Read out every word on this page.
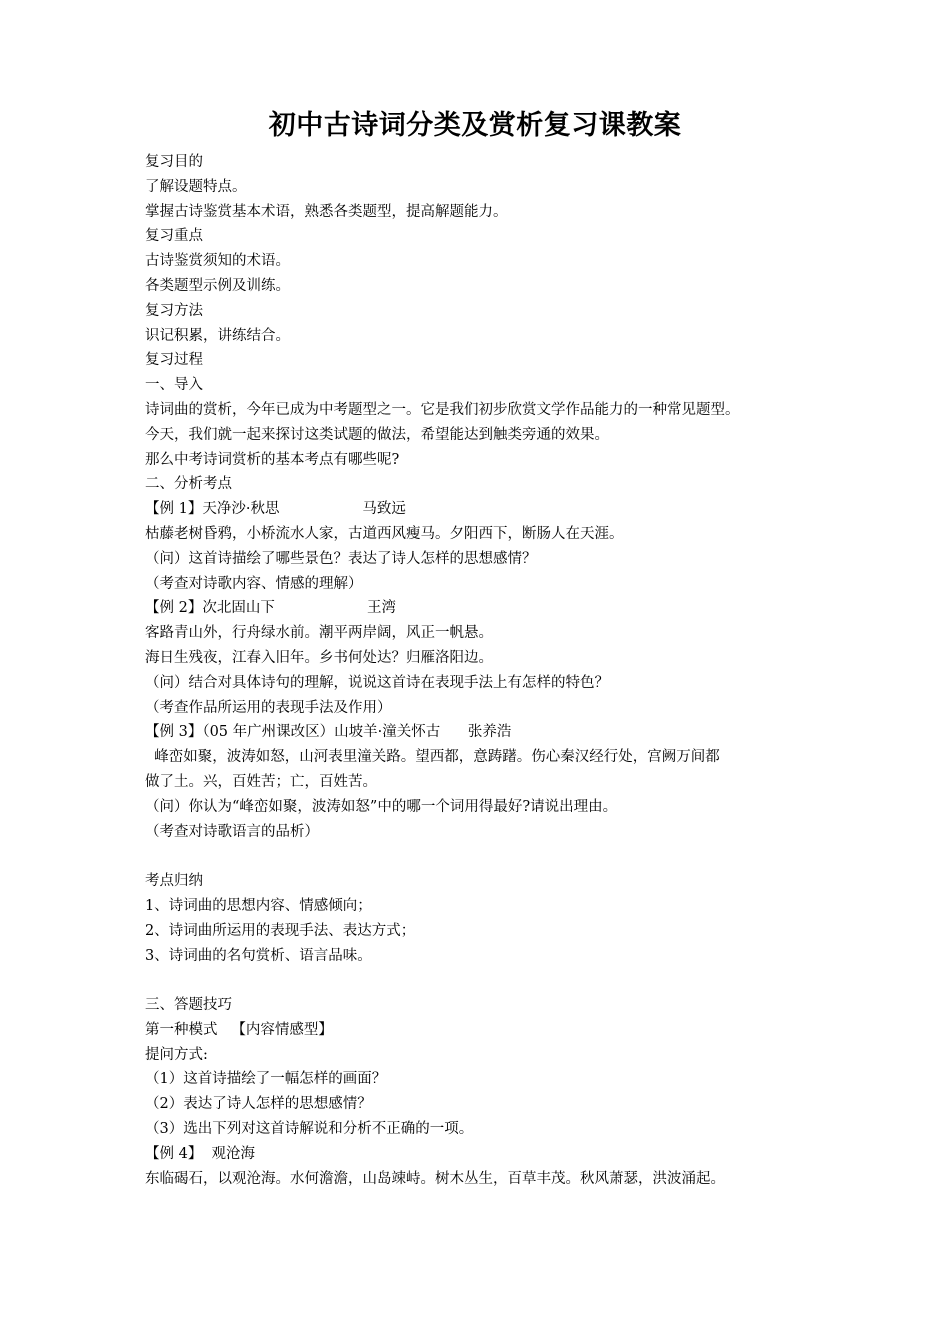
初中古诗词分类及赏析复习课教案
复习目的
了解设题特点。
掌握古诗鉴赏基本术语，熟悉各类题型，提高解题能力。
复习重点
古诗鉴赏须知的术语。
各类题型示例及训练。
复习方法
识记积累，讲练结合。
复习过程
一、导入
诗词曲的赏析，今年已成为中考题型之一。它是我们初步欣赏文学作品能力的一种常见题型。
今天，我们就一起来探讨这类试题的做法，希望能达到触类旁通的效果。
那么中考诗词赏析的基本考点有哪些呢?
二、分析考点
【例 1】天净沙·秋思                  马致远
枯藤老树昏鸦，小桥流水人家，古道西风瘦马。夕阳西下，断肠人在天涯。
（问）这首诗描绘了哪些景色？表达了诗人怎样的思想感情？
（考查对诗歌内容、情感的理解）
【例 2】次北固山下                    王湾
客路青山外，行舟绿水前。潮平两岸阔，风正一帆悬。
海日生残夜，江春入旧年。乡书何处达？归雁洛阳边。
（问）结合对具体诗句的理解，说说这首诗在表现手法上有怎样的特色？
（考查作品所运用的表现手法及作用）
【例 3】（05 年广州课改区）山坡羊·潼关怀古      张养浩
峰峦如聚，波涛如怒，山河表里潼关路。望西都，意踌躇。伤心秦汉经行处，宫阙万间都
做了土。兴，百姓苦；亡，百姓苦。
（问）你认为“峰峦如聚，波涛如怒”中的哪一个词用得最好?请说出理由。
（考查对诗歌语言的品析）
考点归纳
1、诗词曲的思想内容、情感倾向；
2、诗词曲所运用的表现手法、表达方式；
3、诗词曲的名句赏析、语言品味。
三、答题技巧
第一种模式   【内容情感型】
提问方式:
（1）这首诗描绘了一幅怎样的画面？
（2）表达了诗人怎样的思想感情？
（3）选出下列对这首诗解说和分析不正确的一项。
【例 4】  观沧海
东临碣石，以观沧海。水何澹澹，山岛竦峙。树木丛生，百草丰茂。秋风萧瑟，洪波涌起。
